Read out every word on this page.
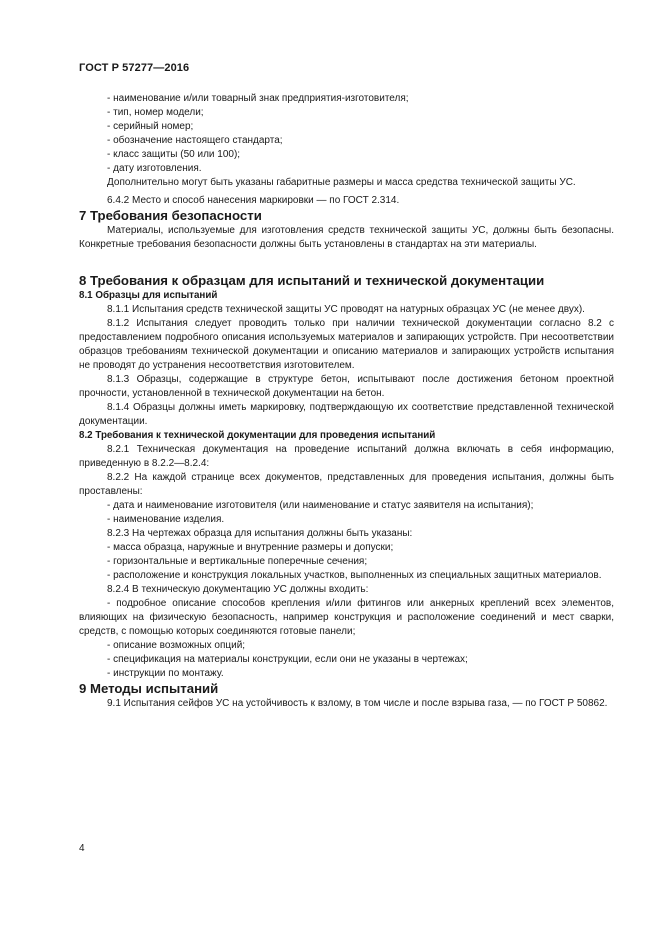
ГОСТ Р 57277—2016

- наименование и/или товарный знак предприятия-изготовителя;

- тип, номер модели;

- серийный номер;

- обозначение настоящего стандарта;

- класс защиты (50 или 100);

- дату изготовления.

Дополнительно могут быть указаны габаритные размеры и масса средства технической защиты УС.

6.4.2 Место и способ нанесения маркировки — по ГОСТ 2.314.

7 Требования безопасности

Материалы, используемые для изготовления средств технической защиты УС, должны быть безопасны. Конкретные требования безопасности должны быть установлены в стандартах на эти материалы.

8 Требования к образцам для испытаний и технической документации

8.1 Образцы для испытаний

8.1.1 Испытания средств технической защиты УС проводят на натурных образцах УС (не менее двух).

8.1.2 Испытания следует проводить только при наличии технической документации согласно 8.2 с предоставлением подробного описания используемых материалов и запирающих устройств. При несоответствии образцов требованиям технической документации и описанию материалов и запирающих устройств испытания не проводят до устранения несоответствия изготовителем.

8.1.3 Образцы, содержащие в структуре бетон, испытывают после достижения бетоном проектной прочности, установленной в технической документации на бетон.

8.1.4 Образцы должны иметь маркировку, подтверждающую их соответствие представленной технической документации.

8.2 Требования к технической документации для проведения испытаний

8.2.1 Техническая документация на проведение испытаний должна включать в себя информацию, приведенную в 8.2.2—8.2.4:

8.2.2 На каждой странице всех документов, представленных для проведения испытания, должны быть проставлены:

- дата и наименование изготовителя (или наименование и статус заявителя на испытания);

- наименование изделия.

8.2.3 На чертежах образца для испытания должны быть указаны:

- масса образца, наружные и внутренние размеры и допуски;

- горизонтальные и вертикальные поперечные сечения;

- расположение и конструкция локальных участков, выполненных из специальных защитных материалов.

8.2.4 В техническую документацию УС должны входить:

- подробное описание способов крепления и/или фитингов или анкерных креплений всех элементов, влияющих на физическую безопасность, например конструкция и расположение соединений и мест сварки, средств, с помощью которых соединяются готовые панели;

- описание возможных опций;

- спецификация на материалы конструкции, если они не указаны в чертежах;

- инструкции по монтажу.

9 Методы испытаний

9.1 Испытания сейфов УС на устойчивость к взлому, в том числе и после взрыва газа, — по ГОСТ Р 50862.

4
